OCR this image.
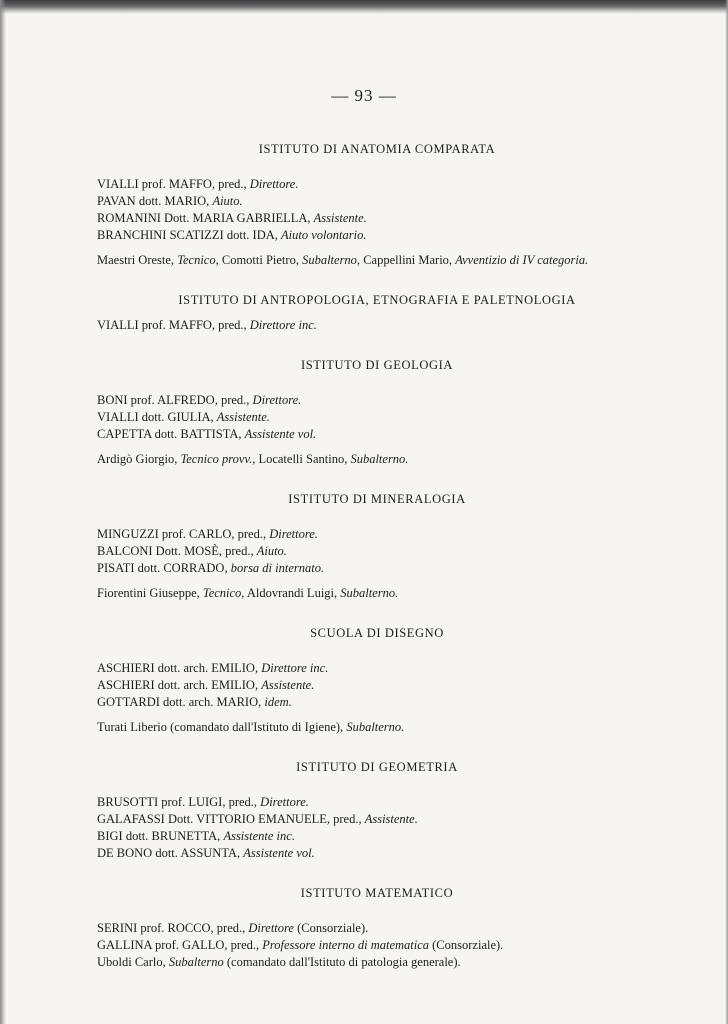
— 93 —
ISTITUTO DI ANATOMIA COMPARATA
VIALLI prof. MAFFO, pred., Direttore.
PAVAN dott. MARIO, Aiuto.
ROMANINI Dott. MARIA GABRIELLA, Assistente.
BRANCHINI SCATIZZI dott. IDA, Aiuto volontario.
Maestri Oreste, Tecnico, Comotti Pietro, Subalterno, Cappellini Mario, Avventizio di IV categoria.
ISTITUTO DI ANTROPOLOGIA, ETNOGRAFIA E PALETNOLOGIA
VIALLI prof. MAFFO, pred., Direttore inc.
ISTITUTO DI GEOLOGIA
BONI prof. ALFREDO, pred., Direttore.
VIALLI dott. GIULIA, Assistente.
CAPETTA dott. BATTISTA, Assistente vol.
Ardigò Giorgio, Tecnico provv., Locatelli Santino, Subalterno.
ISTITUTO DI MINERALOGIA
MINGUZZI prof. CARLO, pred., Direttore.
BALCONI Dott. MOSÈ, pred., Aiuto.
PISATI dott. CORRADO, borsa di internato.
Fiorentini Giuseppe, Tecnico, Aldovrandi Luigi, Subalterno.
SCUOLA DI DISEGNO
ASCHIERI dott. arch. EMILIO, Direttore inc.
ASCHIERI dott. arch. EMILIO, Assistente.
GOTTARDI dott. arch. MARIO, idem.
Turati Liberio (comandato dall'Istituto di Igiene), Subalterno.
ISTITUTO DI GEOMETRIA
BRUSOTTI prof. LUIGI, pred., Direttore.
GALAFASSI Dott. VITTORIO EMANUELE, pred., Assistente.
BIGI dott. BRUNETTA, Assistente inc.
DE BONO dott. ASSUNTA, Assistente vol.
ISTITUTO MATEMATICO
SERINI prof. ROCCO, pred., Direttore (Consorziale).
GALLINA prof. GALLO, pred., Professore interno di matematica (Consorziale).
Uboldi Carlo, Subalterno (comandato dall'Istituto di patologia generale).
